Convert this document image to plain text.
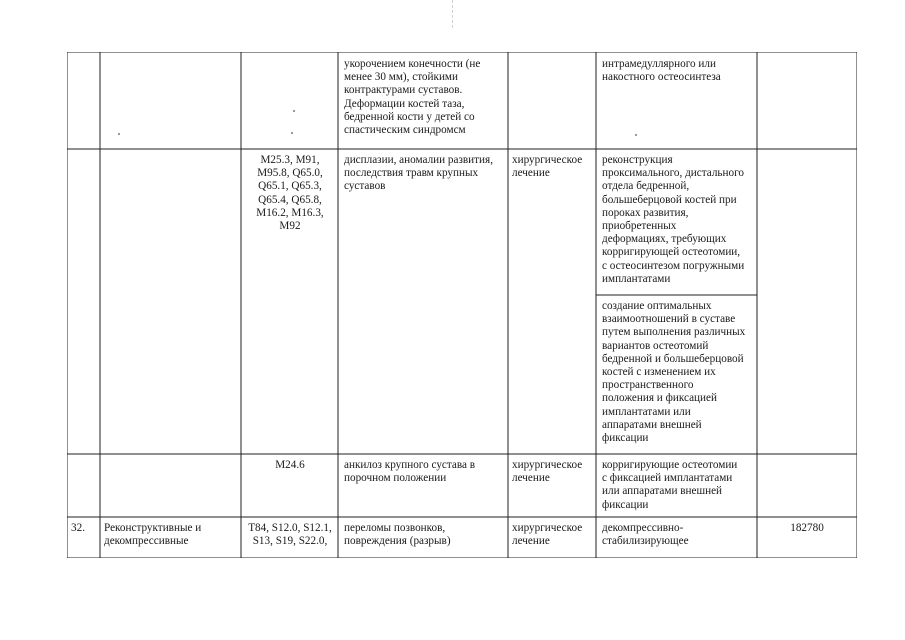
укорочением конечности (не
менее 30 мм), стойкими
контрактурами суставов.
Деформации костей таза,
бедренной кости у детей со
спастическим синдромсм
интрамедуллярного или
накостного остеосинтеза
M25.3, M91,
M95.8, Q65.0,
Q65.1, Q65.3,
Q65.4, Q65.8,
M16.2, M16.3,
M92
дисплазии, аномалии развития,
последствия травм крупных
суставов
хирургическое
лечение
реконструкция
проксимального, дистального
отдела бедренной,
большеберцовой костей при
пороках развития,
приобретенных
деформациях, требующих
корригирующей остеотомии,
с остеосинтезом погружными
имплантатами
создание оптимальных
взаимоотношений в суставе
путем выполнения различных
вариантов остеотомий
бедренной и большеберцовой
костей с изменением их
пространственного
положения и фиксацией
имплантатами или
аппаратами внешней
фиксации
M24.6	анкилоз крупного сустава в
порочном положении
хирургическое
лечение
корригирующие остеотомии
с фиксацией имплантатами
или аппаратами внешней
фиксации
32.	Реконструктивные и
декомпрессивные
T84, S12.0, S12.1,
S13, S19, S22.0,
переломы позвонков,
повреждения (разрыв)
хирургическое
лечение
декомпрессивно-
стабилизирующее
182780
